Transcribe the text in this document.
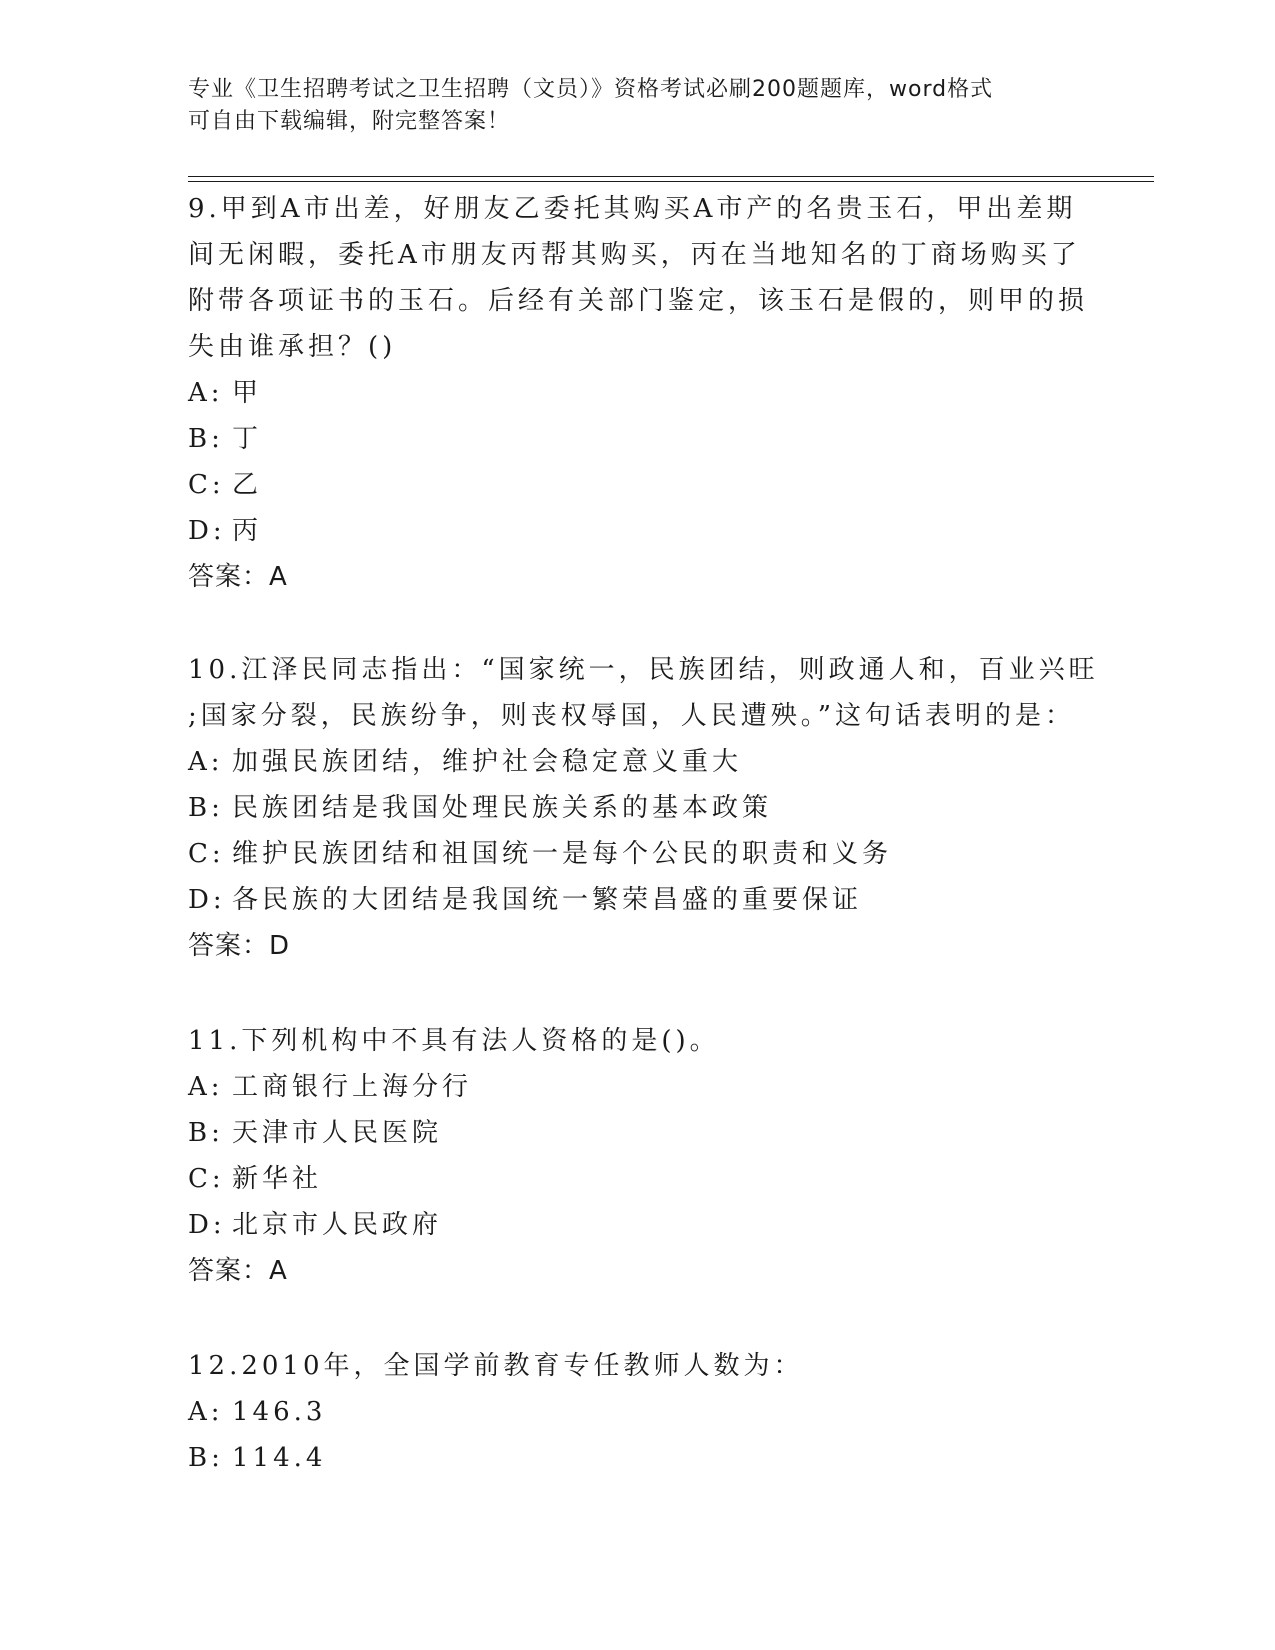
专业《卫生招聘考试之卫生招聘（文员）》资格考试必刷200题题库，word格式
可自由下载编辑，附完整答案！
9.甲到A市出差，好朋友乙委托其购买A市产的名贵玉石，甲出差期
间无闲暇，委托A市朋友丙帮其购买，丙在当地知名的丁商场购买了
附带各项证书的玉石。后经有关部门鉴定，该玉石是假的，则甲的损
失由谁承担？()
A: 甲
B: 丁
C: 乙
D: 丙
答案：A
10.江泽民同志指出：“国家统一，民族团结，则政通人和，百业兴旺
;国家分裂，民族纷争，则丧权辱国，人民遭殃。”这句话表明的是：
A: 加强民族团结，维护社会稳定意义重大
B: 民族团结是我国处理民族关系的基本政策
C: 维护民族团结和祖国统一是每个公民的职责和义务
D: 各民族的大团结是我国统一繁荣昌盛的重要保证
答案：D
11.下列机构中不具有法人资格的是()。
A: 工商银行上海分行
B: 天津市人民医院
C: 新华社
D: 北京市人民政府
答案：A
12.2010年，全国学前教育专任教师人数为：
A: 146.3
B: 114.4
